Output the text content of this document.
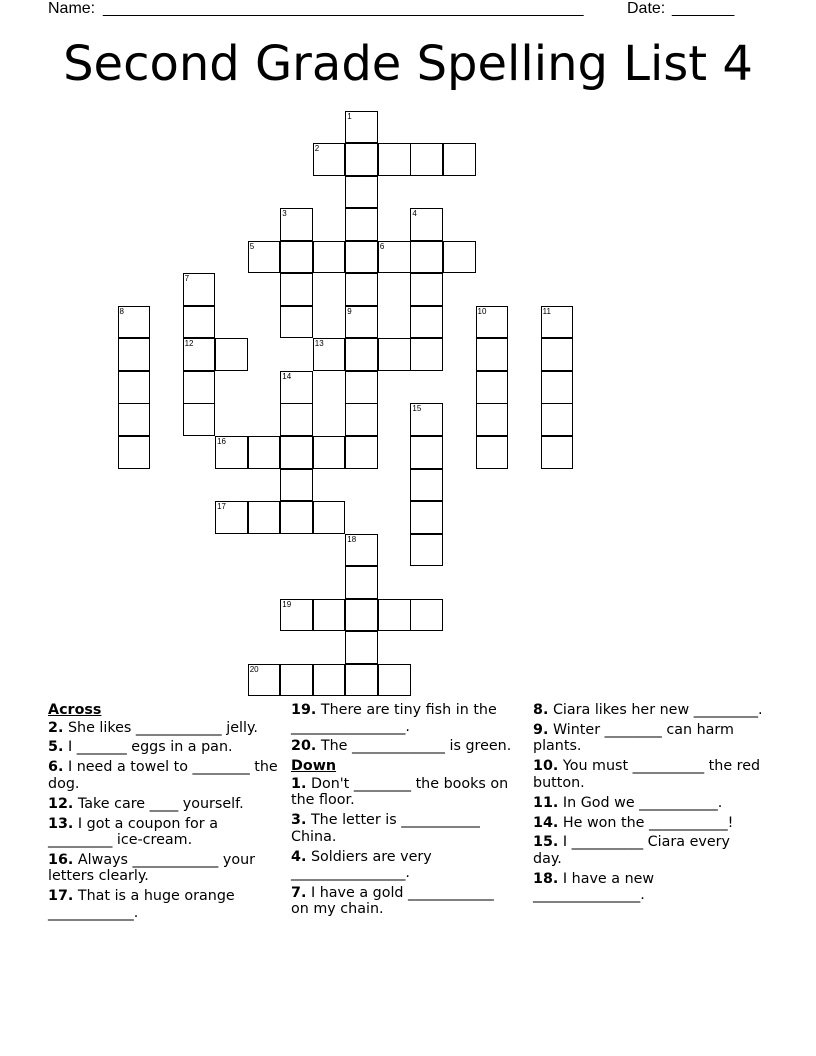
Name: ______________________________________________________	Date: _______
Second Grade Spelling List 4
1
2
3	4
5	6
7
12
8	9	10	11
13
14
15
16
17
18
19
20
Across
2. She likes ____________ jelly.
5. I _______ eggs in a pan.
6. I need a towel to ________ the dog.
12. Take care ____ yourself.
13. I got a coupon for a _________ ice-cream.
16. Always ____________ your letters clearly.
17. That is a huge orange ____________.
19. There are tiny fish in the ________________.
20. The _____________ is green.
Down
1. Don't ________ the books on the floor.
3. The letter is ___________ China.
4. Soldiers are very ________________.
7. I have a gold ____________ on my chain.
8. Ciara likes her new _________.
9. Winter ________ can harm plants.
10. You must __________ the red button.
11. In God we ___________.
14. He won the ___________!
15. I __________ Ciara every day.
18. I have a new _______________.
